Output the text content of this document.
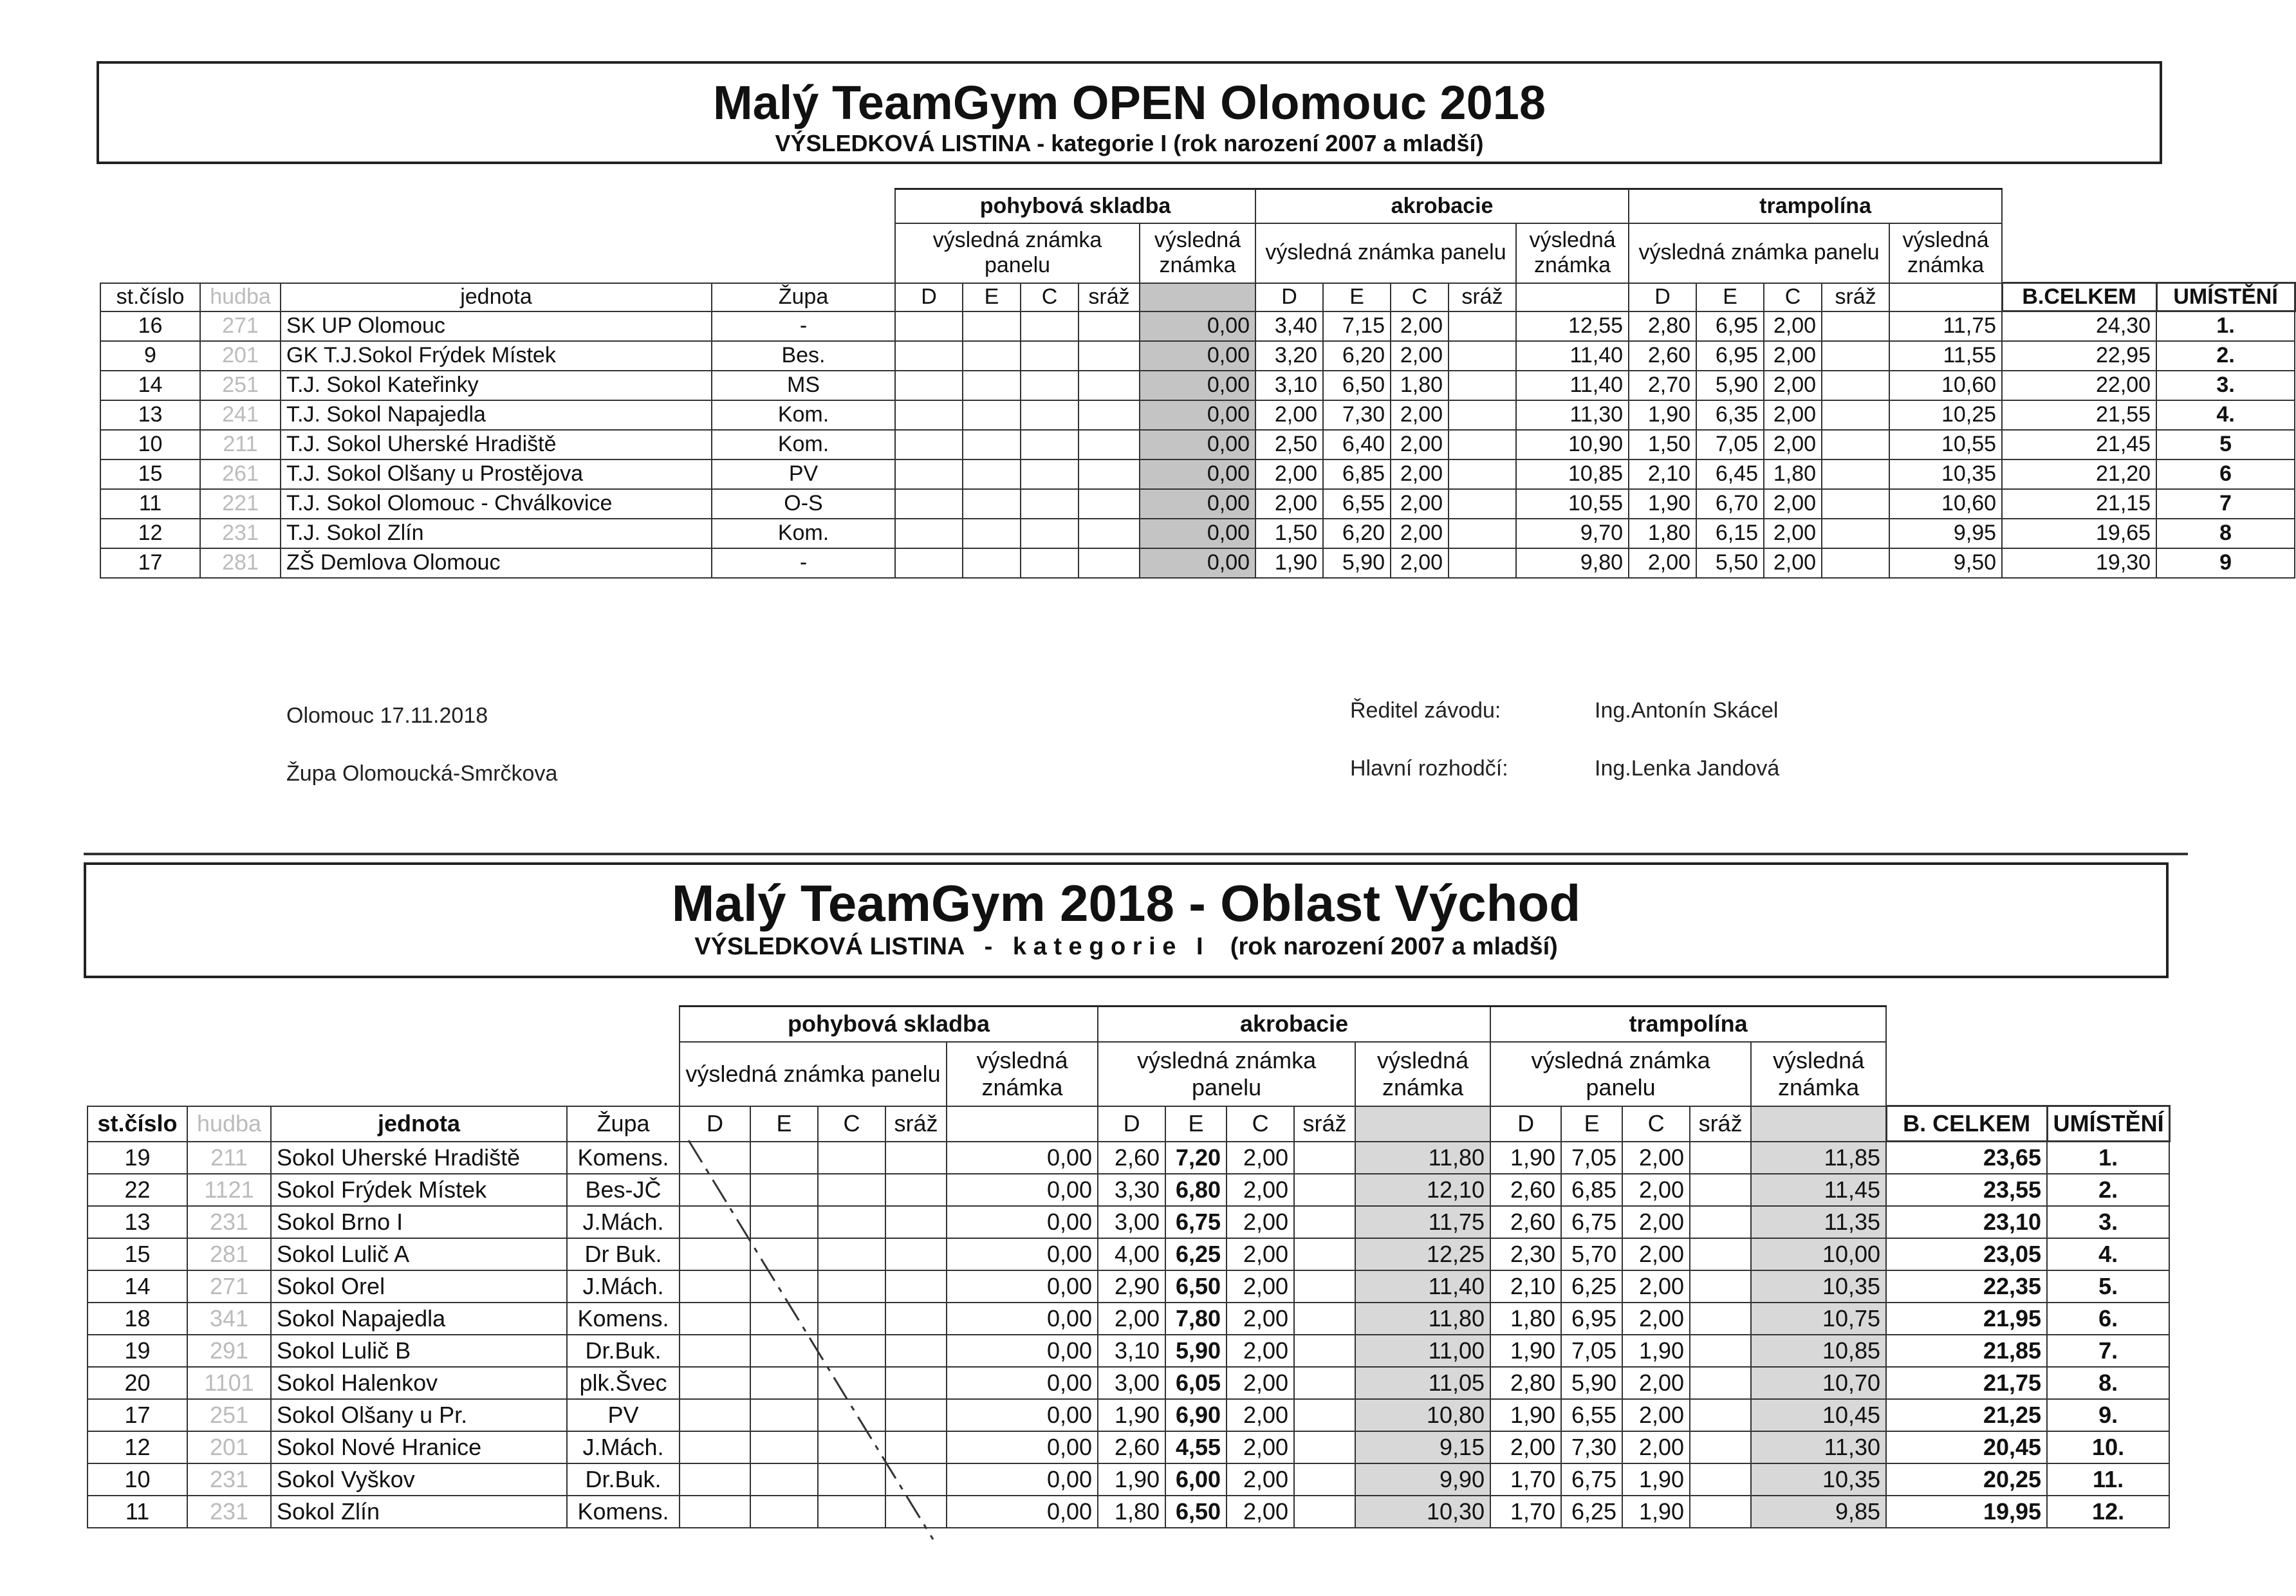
Malý TeamGym OPEN Olomouc 2018
VÝSLEDKOVÁ LISTINA - kategorie I (rok narození 2007 a mladší)
				pohybová skladba					akrobacie					trampolína						
				výsledná známka panelu				výsledná známka	výsledná známka panelu				výsledná známka	výsledná známka panelu				výsledná známka		
st.číslo	hudba	jednota	Župa	D	E	C	sráž		D	E	C	sráž		D	E	C	sráž		B.CELKEM	UMÍSTĚNÍ
16	271	SK UP Olomouc	-					0,00	3,40	7,15	2,00		12,55	2,80	6,95	2,00		11,75	24,30	1.
9	201	GK T.J.Sokol Frýdek Místek	Bes.					0,00	3,20	6,20	2,00		11,40	2,60	6,95	2,00		11,55	22,95	2.
14	251	T.J. Sokol Kateřinky	MS					0,00	3,10	6,50	1,80		11,40	2,70	5,90	2,00		10,60	22,00	3.
13	241	T.J. Sokol Napajedla	Kom.					0,00	2,00	7,30	2,00		11,30	1,90	6,35	2,00		10,25	21,55	4.
10	211	T.J. Sokol Uherské Hradiště	Kom.					0,00	2,50	6,40	2,00		10,90	1,50	7,05	2,00		10,55	21,45	5
15	261	T.J. Sokol Olšany u Prostějova	PV					0,00	2,00	6,85	2,00		10,85	2,10	6,45	1,80		10,35	21,20	6
11	221	T.J. Sokol Olomouc - Chválkovice	O-S					0,00	2,00	6,55	2,00		10,55	1,90	6,70	2,00		10,60	21,15	7
12	231	T.J. Sokol Zlín	Kom.					0,00	1,50	6,20	2,00		9,70	1,80	6,15	2,00		9,95	19,65	8
17	281	ZŠ Demlova Olomouc	-					0,00	1,90	5,90	2,00		9,80	2,00	5,50	2,00		9,50	19,30	9
Olomouc 17.11.2018
Župa Olomoucká-Smrčkova
Ředitel závodu:	Ing.Antonín Skácel
Hlavní rozhodčí:	Ing.Lenka Jandová
Malý TeamGym 2018 - Oblast Východ
VÝSLEDKOVÁ LISTINA   -   k a t e g o r i e   I    (rok narození 2007 a mladší)
				pohybová skladba					akrobacie					trampolína						
				výsledná známka panelu				výsledná známka	výsledná známka panelu				výsledná známka	výsledná známka panelu				výsledná známka		
st.číslo	hudba	jednota	Župa	D	E	C	sráž		D	E	C	sráž		D	E	C	sráž		B. CELKEM	UMÍSTĚNÍ
19	211	Sokol Uherské Hradiště	Komens.					0,00	2,60	7,20	2,00		11,80	1,90	7,05	2,00		11,85	23,65	1.
22	1121	Sokol Frýdek Místek	Bes-JČ					0,00	3,30	6,80	2,00		12,10	2,60	6,85	2,00		11,45	23,55	2.
13	231	Sokol Brno I	J.Mách.					0,00	3,00	6,75	2,00		11,75	2,60	6,75	2,00		11,35	23,10	3.
15	281	Sokol Lulič A	Dr Buk.					0,00	4,00	6,25	2,00		12,25	2,30	5,70	2,00		10,00	23,05	4.
14	271	Sokol Orel	J.Mách.					0,00	2,90	6,50	2,00		11,40	2,10	6,25	2,00		10,35	22,35	5.
18	341	Sokol Napajedla	Komens.					0,00	2,00	7,80	2,00		11,80	1,80	6,95	2,00		10,75	21,95	6.
19	291	Sokol Lulič B	Dr.Buk.					0,00	3,10	5,90	2,00		11,00	1,90	7,05	1,90		10,85	21,85	7.
20	1101	Sokol Halenkov	plk.Švec					0,00	3,00	6,05	2,00		11,05	2,80	5,90	2,00		10,70	21,75	8.
17	251	Sokol Olšany u Pr.	PV					0,00	1,90	6,90	2,00		10,80	1,90	6,55	2,00		10,45	21,25	9.
12	201	Sokol Nové Hranice	J.Mách.					0,00	2,60	4,55	2,00		9,15	2,00	7,30	2,00		11,30	20,45	10.
10	231	Sokol Vyškov	Dr.Buk.					0,00	1,90	6,00	2,00		9,90	1,70	6,75	1,90		10,35	20,25	11.
11	231	Sokol Zlín	Komens.					0,00	1,80	6,50	2,00		10,30	1,70	6,25	1,90		9,85	19,95	12.
